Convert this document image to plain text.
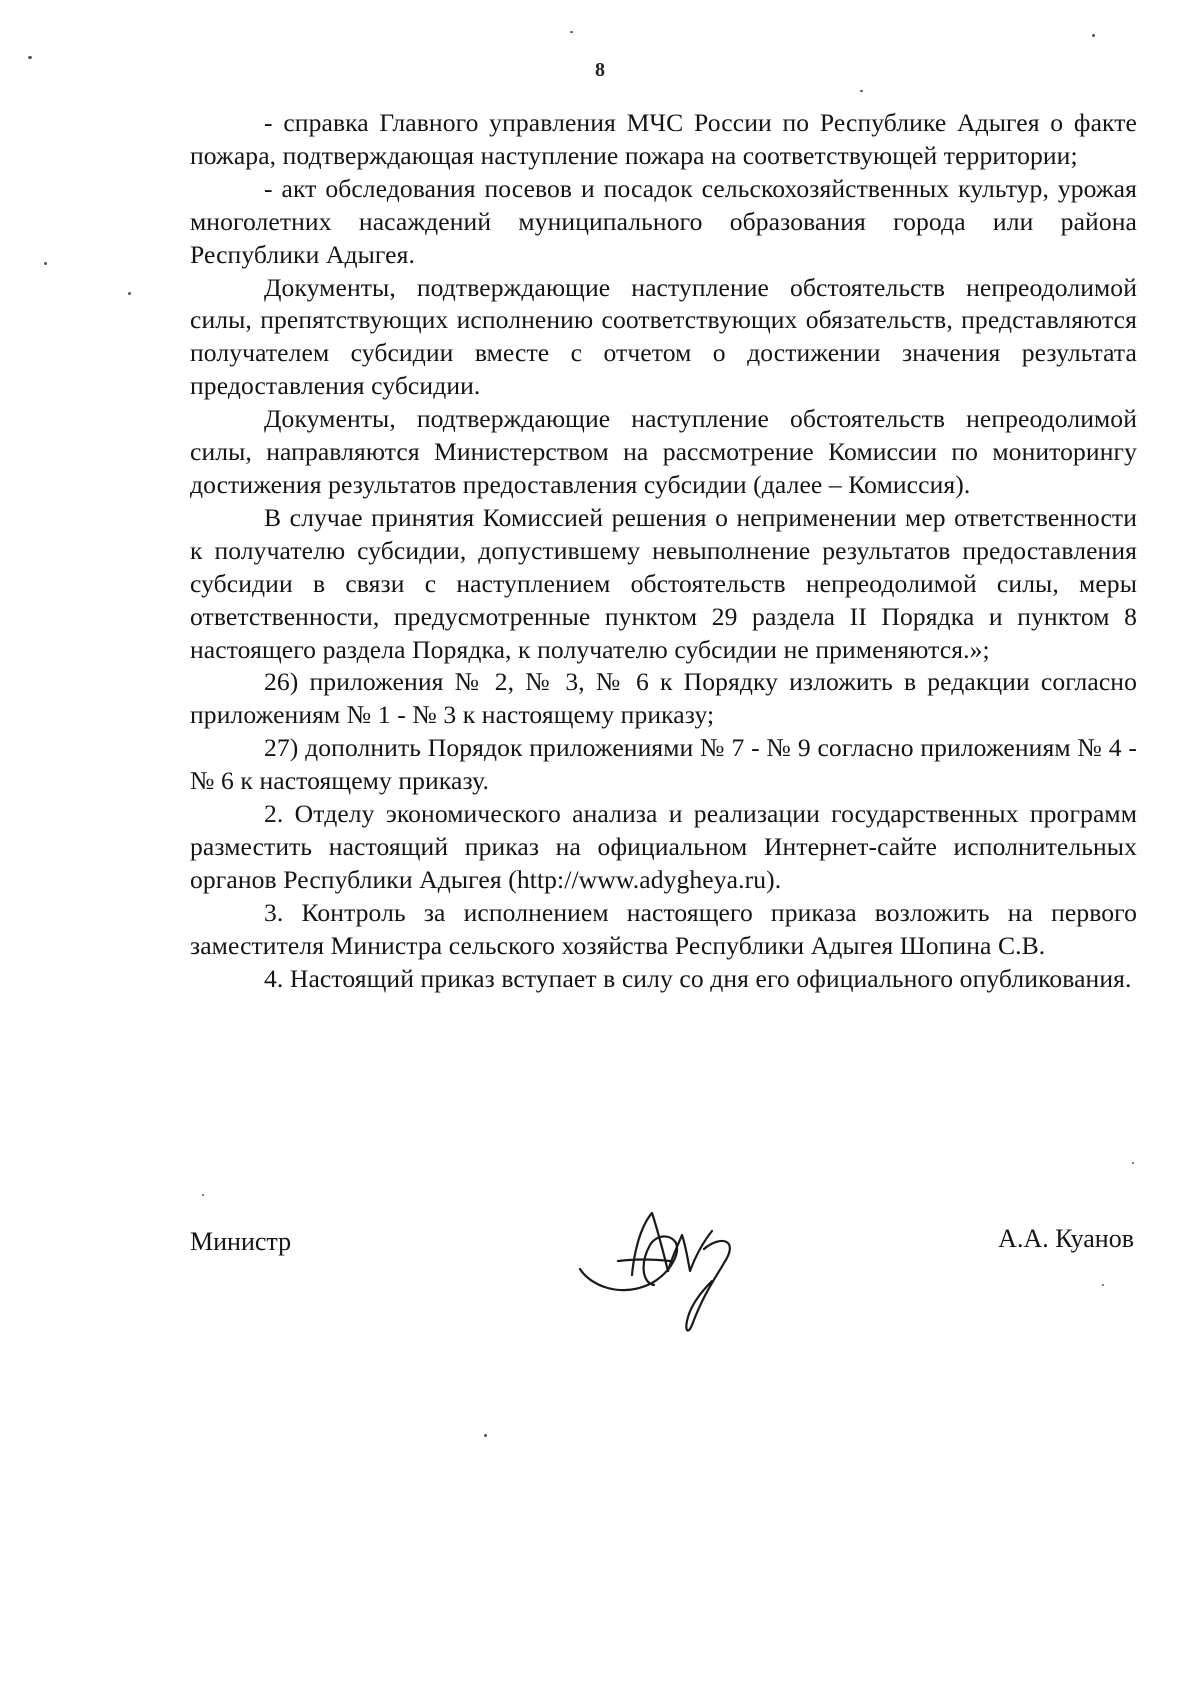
8

- справка Главного управления МЧС России по Республике Адыгея о факте пожара, подтверждающая наступление пожара на соответствующей территории;

- акт обследования посевов и посадок сельскохозяйственных культур, урожая многолетних насаждений муниципального образования города или района Республики Адыгея.

Документы, подтверждающие наступление обстоятельств непреодолимой силы, препятствующих исполнению соответствующих обязательств, представляются получателем субсидии вместе с отчетом о достижении значения результата предоставления субсидии.

Документы, подтверждающие наступление обстоятельств непреодолимой силы, направляются Министерством на рассмотрение Комиссии по мониторингу достижения результатов предоставления субсидии (далее – Комиссия).

В случае принятия Комиссией решения о неприменении мер ответственности к получателю субсидии, допустившему невыполнение результатов предоставления субсидии в связи с наступлением обстоятельств непреодолимой силы, меры ответственности, предусмотренные пунктом 29 раздела II Порядка и пунктом 8 настоящего раздела Порядка, к получателю субсидии не применяются.»;

26) приложения № 2, № 3, № 6 к Порядку изложить в редакции согласно приложениям № 1 - № 3 к настоящему приказу;

27) дополнить Порядок приложениями № 7 - № 9 согласно приложениям № 4 - № 6 к настоящему приказу.

2. Отделу экономического анализа и реализации государственных программ разместить настоящий приказ на официальном Интернет-сайте исполнительных органов Республики Адыгея (http://www.adygheya.ru).

3. Контроль за исполнением настоящего приказа возложить на первого заместителя Министра сельского хозяйства Республики Адыгея Шопина С.В.

4. Настоящий приказ вступает в силу со дня его официального опубликования.

Министр	А.А. Куанов
